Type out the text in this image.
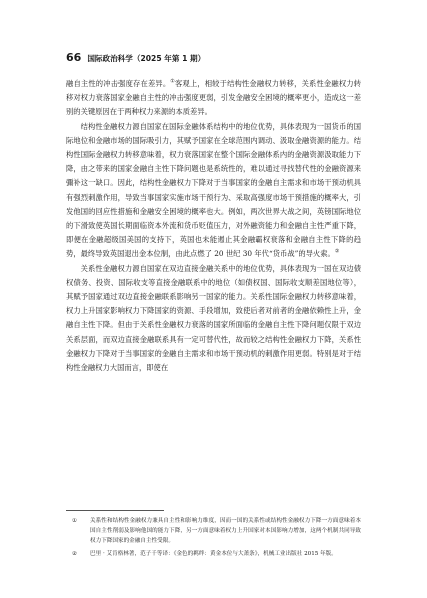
66 国际政治科学（2025 年第 1 期）

融自主性的冲击强度存在差异。①客观上，相较于结构性金融权力转移，关系性金融权力转移对权力衰落国家金融自主性的冲击强度更弱，引发金融安全困境的概率更小，造成这一差别的关键原因在于两种权力来源的本质差异。

结构性金融权力源自国家在国际金融体系结构中的地位优势，具体表现为一国货币的国际地位和金融市场的国际吸引力，其赋予国家在全球范围内调动、汲取金融资源的能力。结构性国际金融权力转移意味着，权力衰落国家在整个国际金融体系内的金融资源汲取能力下降，由之带来的国家金融自主性下降问题也是系统性的，难以通过寻找替代性的金融资源来彌补这一缺口。因此，结构性金融权力下降对于当事国家的金融自主需求和市场干预动机具有强烈刺激作用，导致当事国家实施市场干预行为、采取高强度市场干预措施的概率大，引发他国的回应性措施和金融安全困境的概率也大。例如，两次世界大战之间，英镑国际地位的下滑致使英国长期面临资本外流和货币贬值压力，对外融资能力和金融自主性严重下降，即便在金融超级国美国的支持下，英国也未能遏止其金融霸权衰落和金融自主性下降的趋势，最终导致英国退出金本位制，由此点燃了 20 世纪 30 年代“货币战”的导火索。②

关系性金融权力源自国家在双边直接金融关系中的地位优势，具体表现为一国在双边债权债务、投资、国际收支等直接金融联系中的地位（如债权国、国际收支顺差国地位等），其赋予国家通过双边直接金融联系影响另一国家的能力。关系性国际金融权力转移意味着，权力上升国家影响权力下降国家的资源、手段增加，致使后者对前者的金融依赖性上升，金融自主性下降。但由于关系性金融权力衰落的国家所面临的金融自主性下降问题仅限于双边关系层面，而双边直接金融联系具有一定可替代性，故而较之结构性金融权力下降，关系性金融权力下降对于当事国家的金融自主需求和市场干预动机的刺激作用更弱。特别是对于结构性金融权力大国而言，即使在

①	关系性和结构性金融权力兼具自主性和影响力维度，因而一国的关系性或结构性金融权力下降一方面意味着本国自主性削弱及影响他国的能力下降，另一方面意味着权力上升国家对本国影响力增加，这两个机制共同导致权力下降国家的金融自主性受限。
②	巴里 · 艾肯格林著，范子千等译：《金色的羁绊：黄金本位与大萧条》，机械工业出版社 2015 年版。
